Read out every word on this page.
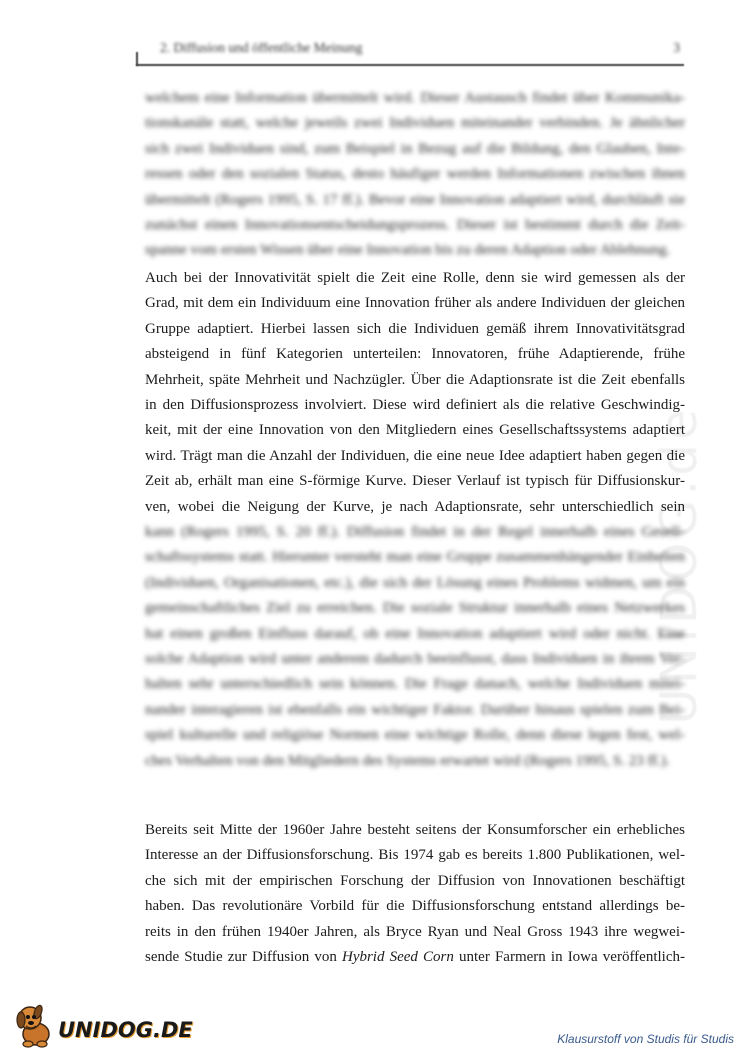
2. Diffusion und öffentliche Meinung	3
welchem eine Information übermittelt wird. Dieser Austausch findet über Kommunika-
tionskanäle statt, welche jeweils zwei Individuen miteinander verbinden. Je ähnlicher
sich zwei Individuen sind, zum Beispiel in Bezug auf die Bildung, den Glauben, Inte-
ressen oder den sozialen Status, desto häufiger werden Informationen zwischen ihnen
übermittelt (Rogers 1995, S. 17 ff.). Bevor eine Innovation adaptiert wird, durchläuft sie
zunächst einen Innovationsentscheidungsprozess. Dieser ist bestimmt durch die Zeit-
spanne vom ersten Wissen über eine Innovation bis zu deren Adaption oder Ablehnung.
Auch bei der Innovativität spielt die Zeit eine Rolle, denn sie wird gemessen als der
Grad, mit dem ein Individuum eine Innovation früher als andere Individuen der gleichen
Gruppe adaptiert. Hierbei lassen sich die Individuen gemäß ihrem Innovativitätsgrad
absteigend in fünf Kategorien unterteilen: Innovatoren, frühe Adaptierende, frühe
Mehrheit, späte Mehrheit und Nachzügler. Über die Adaptionsrate ist die Zeit ebenfalls
in den Diffusionsprozess involviert. Diese wird definiert als die relative Geschwindig-
keit, mit der eine Innovation von den Mitgliedern eines Gesellschaftssystems adaptiert
wird. Trägt man die Anzahl der Individuen, die eine neue Idee adaptiert haben gegen die
Zeit ab, erhält man eine S-förmige Kurve. Dieser Verlauf ist typisch für Diffusionskur-
ven, wobei die Neigung der Kurve, je nach Adaptionsrate, sehr unterschiedlich sein
kann (Rogers 1995, S. 20 ff.). Diffusion findet in der Regel innerhalb eines Gesell-
schaftssystems statt. Hierunter versteht man eine Gruppe zusammenhängender Einheiten
(Individuen, Organisationen, etc.), die sich der Lösung eines Problems widmen, um ein
gemeinschaftliches Ziel zu erreichen. Die soziale Struktur innerhalb eines Netzwerkes
hat einen großen Einfluss darauf, ob eine Innovation adaptiert wird oder nicht. Eine
solche Adaption wird unter anderem dadurch beeinflusst, dass Individuen in ihrem Ver-
halten sehr unterschiedlich sein können. Die Frage danach, welche Individuen mitei-
nander interagieren ist ebenfalls ein wichtiger Faktor. Darüber hinaus spielen zum Bei-
spiel kulturelle und religiöse Normen eine wichtige Rolle, denn diese legen fest, wel-
ches Verhalten von den Mitgliedern des Systems erwartet wird (Rogers 1995, S. 23 ff.).
Bereits seit Mitte der 1960er Jahre besteht seitens der Konsumforscher ein erhebliches
Interesse an der Diffusionsforschung. Bis 1974 gab es bereits 1.800 Publikationen, wel-
che sich mit der empirischen Forschung der Diffusion von Innovationen beschäftigt
haben. Das revolutionäre Vorbild für die Diffusionsforschung entstand allerdings be-
reits in den frühen 1940er Jahren, als Bryce Ryan und Neal Gross 1943 ihre wegwei-
sende Studie zur Diffusion von Hybrid Seed Corn unter Farmern in Iowa veröffentlich-
UNIDOG.de
UNIDOG.DE	Klausurstoff von Studis für Studis
